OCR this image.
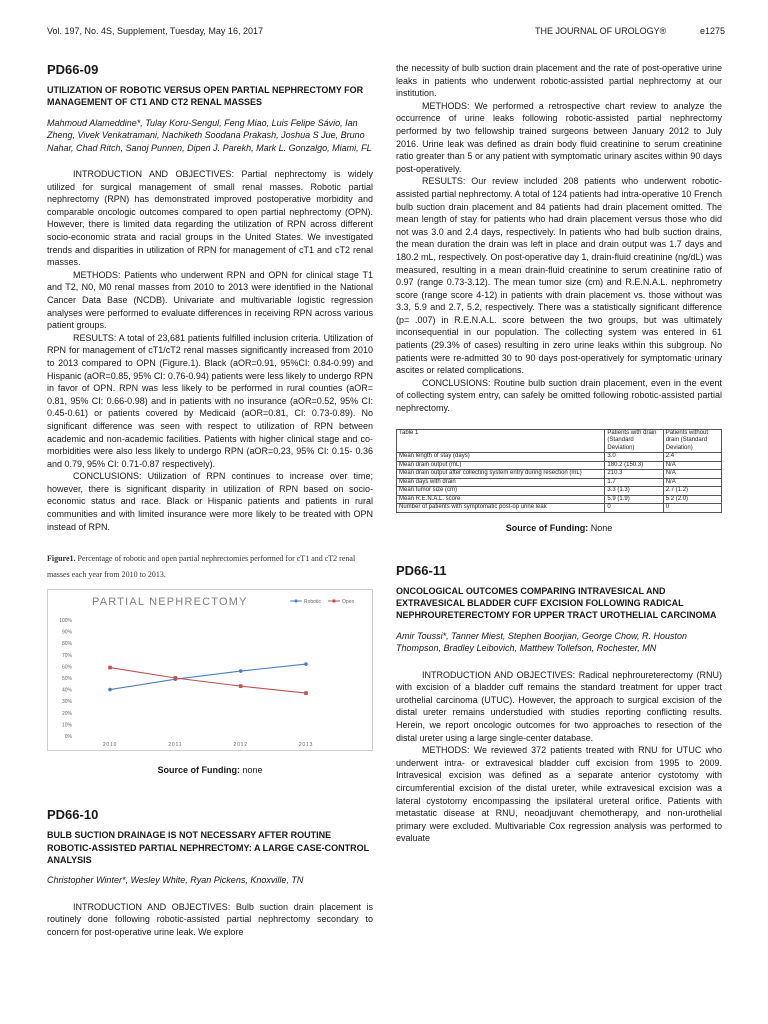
Vol. 197, No. 4S, Supplement, Tuesday, May 16, 2017	THE JOURNAL OF UROLOGY®	e1275
PD66-09
UTILIZATION OF ROBOTIC VERSUS OPEN PARTIAL NEPHRECTOMY FOR MANAGEMENT OF CT1 AND CT2 RENAL MASSES
Mahmoud Alameddine*, Tulay Koru-Sengul, Feng Miao, Luis Felipe Sávio, Ian Zheng, Vivek Venkatramani, Nachiketh Soodana Prakash, Joshua S Jue, Bruno Nahar, Chad Ritch, Sanoj Punnen, Dipen J. Parekh, Mark L. Gonzalgo, Miami, FL

INTRODUCTION AND OBJECTIVES: Partial nephrectomy is widely utilized for surgical management of small renal masses. Robotic partial nephrectomy (RPN) has demonstrated improved postoperative morbidity and comparable oncologic outcomes compared to open partial nephrectomy (OPN). However, there is limited data regarding the utilization of RPN across different socio-economic strata and racial groups in the United States. We investigated trends and disparities in utilization of RPN for management of cT1 and cT2 renal masses.

METHODS: Patients who underwent RPN and OPN for clinical stage T1 and T2, N0, M0 renal masses from 2010 to 2013 were identified in the National Cancer Data Base (NCDB). Univariate and multivariable logistic regression analyses were performed to evaluate differences in receiving RPN across various patient groups.

RESULTS: A total of 23,681 patients fulfilled inclusion criteria. Utilization of RPN for management of cT1/cT2 renal masses significantly increased from 2010 to 2013 compared to OPN (Figure.1). Black (aOR=0.91, 95%CI: 0.84-0.99) and Hispanic (aOR=0.85, 95% CI: 0.76-0.94) patients were less likely to undergo RPN in favor of OPN. RPN was less likely to be performed in rural counties (aOR= 0.81, 95% CI: 0.66-0.98) and in patients with no insurance (aOR=0.52, 95% CI: 0.45-0.61) or patients covered by Medicaid (aOR=0.81, CI: 0.73-0.89). No significant difference was seen with respect to utilization of RPN between academic and non-academic facilities. Patients with higher clinical stage and co-morbidities were also less likely to undergo RPN (aOR=0.23, 95% CI: 0.15- 0.36 and 0.79, 95% CI: 0.71-0.87 respectively).

CONCLUSIONS: Utilization of RPN continues to increase over time; however, there is significant disparity in utilization of RPN based on socio-economic status and race. Black or Hispanic patients and patients in rural communities and with limited insurance were more likely to be treated with OPN instead of RPN.

Figure1. Percentage of robotic and open partial nephrectomies performed for cT1 and cT2 renal masses each year from 2010 to 2013.
PARTIAL NEPHRECTOMY	Robotic	Open
0%
10%
20%
30%
40%
50%
60%
70%
80%
90%
100%
2010	2011	2012	2013
Source of Funding: none
PD66-10
BULB SUCTION DRAINAGE IS NOT NECESSARY AFTER ROUTINE ROBOTIC-ASSISTED PARTIAL NEPHRECTOMY: A LARGE CASE-CONTROL ANALYSIS
Christopher Winter*, Wesley White, Ryan Pickens, Knoxville, TN

INTRODUCTION AND OBJECTIVES: Bulb suction drain placement is routinely done following robotic-assisted partial nephrectomy secondary to concern for post-operative urine leak. We explore

the necessity of bulb suction drain placement and the rate of post-operative urine leaks in patients who underwent robotic-assisted partial nephrectomy at our institution.

METHODS: We performed a retrospective chart review to analyze the occurrence of urine leaks following robotic-assisted partial nephrectomy performed by two fellowship trained surgeons between January 2012 to July 2016. Urine leak was defined as drain body fluid creatinine to serum creatinine ratio greater than 5 or any patient with symptomatic urinary ascites within 90 days post-operatively.

RESULTS: Our review included 208 patients who underwent robotic-assisted partial nephrectomy. A total of 124 patients had intra-operative 10 French bulb suction drain placement and 84 patients had drain placement omitted. The mean length of stay for patients who had drain placement versus those who did not was 3.0 and 2.4 days, respectively. In patients who had bulb suction drains, the mean duration the drain was left in place and drain output was 1.7 days and 180.2 mL, respectively. On post-operative day 1, drain-fluid creatinine (ng/dL) was measured, resulting in a mean drain-fluid creatinine to serum creatinine ratio of 0.97 (range 0.73-3.12). The mean tumor size (cm) and R.E.N.A.L. nephrometry score (range score 4-12) in patients with drain placement vs. those without was 3.3, 5.9 and 2.7, 5.2, respectively. There was a statistically significant difference (p= .007) in R.E.N.A.L. score between the two groups, but was ultimately inconsequential in our population. The collecting system was entered in 61 patients (29.3% of cases) resulting in zero urine leaks within this subgroup. No patients were re-admitted 30 to 90 days post-operatively for symptomatic urinary ascites or related complications.

CONCLUSIONS: Routine bulb suction drain placement, even in the event of collecting system entry, can safely be omitted following robotic-assisted partial nephrectomy.

Table 1	Patients with drain (Standard Deviation)	Patients without drain (Standard Deviation)
Mean length of stay (days)	3.0	2.4
Mean drain output (mL)	180.2 (150.3)	N/A
Mean drain output after collecting system entry during resection (mL)	210.3	N/A
Mean days with drain	1.7	N/A
Mean tumor size (cm)	3.3 (1.3)	2.7 (1.2)
Mean R.E.N.A.L. score	5.9 (1.9)	5.2 (2.0)
Number of patients with symptomatic post-op urine leak	0	0
Source of Funding: None
PD66-11
ONCOLOGICAL OUTCOMES COMPARING INTRAVESICAL AND EXTRAVESICAL BLADDER CUFF EXCISION FOLLOWING RADICAL NEPHROURETERECTOMY FOR UPPER TRACT UROTHELIAL CARCINOMA
Amir Toussi*, Tanner Miest, Stephen Boorjian, George Chow, R. Houston Thompson, Bradley Leibovich, Matthew Tollefson, Rochester, MN

INTRODUCTION AND OBJECTIVES: Radical nephroureterectomy (RNU) with excision of a bladder cuff remains the standard treatment for upper tract urothelial carcinoma (UTUC). However, the approach to surgical excision of the distal ureter remains understudied with studies reporting conflicting results. Herein, we report oncologic outcomes for two approaches to resection of the distal ureter using a large single-center database.

METHODS: We reviewed 372 patients treated with RNU for UTUC who underwent intra- or extravesical bladder cuff excision from 1995 to 2009. Intravesical excision was defined as a separate anterior cystotomy with circumferential excision of the distal ureter, while extravesical excision was a lateral cystotomy encompassing the ipsilateral ureteral orifice. Patients with metastatic disease at RNU, neoadjuvant chemotherapy, and non-urothelial primary were excluded. Multivariable Cox regression analysis was performed to evaluate
